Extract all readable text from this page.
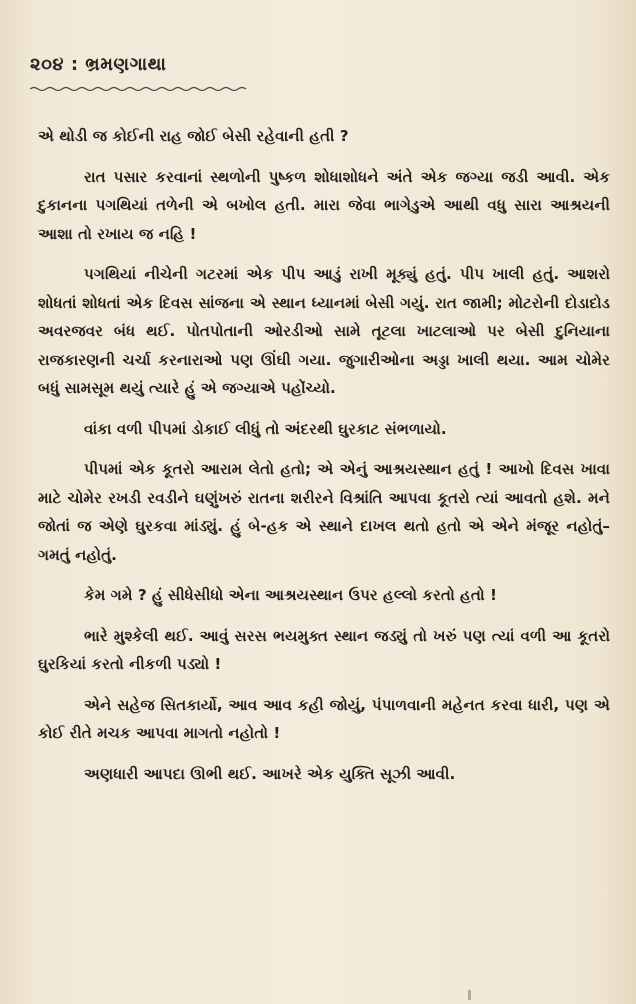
૨૦૪ : ભ્રમણગાથા

એ થોડી જ કોઈની રાહ જોઈ બેસી રહેવાની હતી ?

રાત પસાર કરવાનાં સ્થળોની પુષ્કળ શોધાશોધને અંતે એક જગ્યા જડી આવી. એક દુકાનના પગથિયાં તળેની એ બખોલ હતી. મારા જેવા ભાગેડુએ આથી વધુ સારા આશ્રયની આશા તો રખાય જ નહિ !

પગથિયાં નીચેની ગટરમાં એક પીપ આડું રાખી મૂક્યું હતું. પીપ ખાલી હતું. આશરો શોધતાં શોધતાં એક દિવસ સાંજના એ સ્થાન ધ્યાનમાં બેસી ગયું. રાત જામી; મોટરોની દોડાદોડ અવરજવર બંધ થઈ. પોતપોતાની ઓરડીઓ સામે તૂટલા ખાટલાઓ પર બેસી દુનિયાના રાજકારણની ચર્ચા કરનારાઓ પણ ઊંઘી ગયા. જુગારીઓના અડ્ડા ખાલી થયા. આમ ચોમેર બધું સામસૂમ થયું ત્યારે હું એ જગ્યાએ પહોંચ્યો.

વાંકા વળી પીપમાં ડોકાઈ લીધું તો અંદરથી ઘુરકાટ સંભળાયો.

પીપમાં એક કૂતરો આરામ લેતો હતો; એ એનું આશ્રયસ્થાન હતું ! આખો દિવસ ખાવા માટે ચોમેર રખડી રવડીને ઘણુંખરું રાતના શરીરને વિશ્રાંતિ આપવા કૂતરો ત્યાં આવતો હશે. મને જોતાં જ એણે ઘુરકવા માંડ્યું. હું બે-હક એ સ્થાને દાખલ થતો હતો એ એને મંજૂર નહોતું–ગમતું નહોતું.

કેમ ગમે ? હું સીધેસીધો એના આશ્રયસ્થાન ઉપર હલ્લો કરતો હતો !

ભારે મુશ્કેલી થઈ. આવું સરસ ભયમુક્ત સ્થાન જડ્યું તો ખરું પણ ત્યાં વળી આ કૂતરો ઘુરકિયાં કરતો નીકળી પડ્યો !

એને સહેજ સિતકાર્યો, આવ આવ કહી જોયું, પંપાળવાની મહેનત કરવા ધારી, પણ એ કોઈ રીતે મચક આપવા માગતો નહોતો !

અણધારી આપદા ઊભી થઈ. આખરે એક યુક્તિ સૂઝી આવી.
